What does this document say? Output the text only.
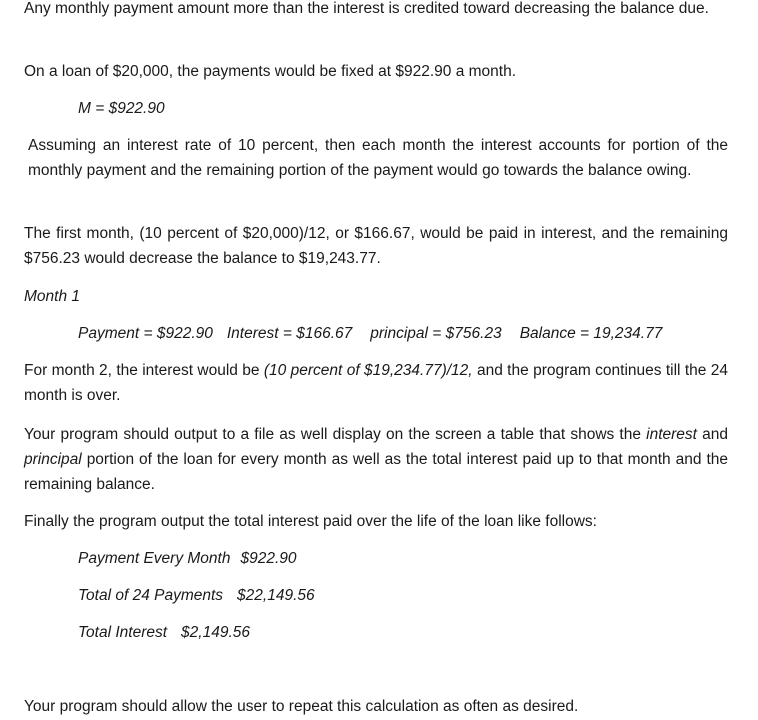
Any monthly payment amount more than the interest is credited toward decreasing the balance due.

On a loan of $20,000, the payments would be fixed at $922.90 a month.

M = $922.90

Assuming an interest rate of 10 percent, then each month the interest accounts for portion of the monthly payment and the remaining portion of the payment would go towards the balance owing.

The first month, (10 percent of $20,000)/12, or $166.67, would be paid in interest, and the remaining $756.23 would decrease the balance to $19,243.77.

Month 1

Payment = $922.90 Interest = $166.67 principal = $756.23 Balance = 19,234.77

For month 2, the interest would be (10 percent of $19,234.77)/12, and the program continues till the 24 month is over.

Your program should output to a file as well display on the screen a table that shows the interest and principal portion of the loan for every month as well as the total interest paid up to that month and the remaining balance.

Finally the program output the total interest paid over the life of the loan like follows:

Payment Every Month $922.90

Total of 24 Payments $22,149.56

Total Interest $2,149.56

Your program should allow the user to repeat this calculation as often as desired.
